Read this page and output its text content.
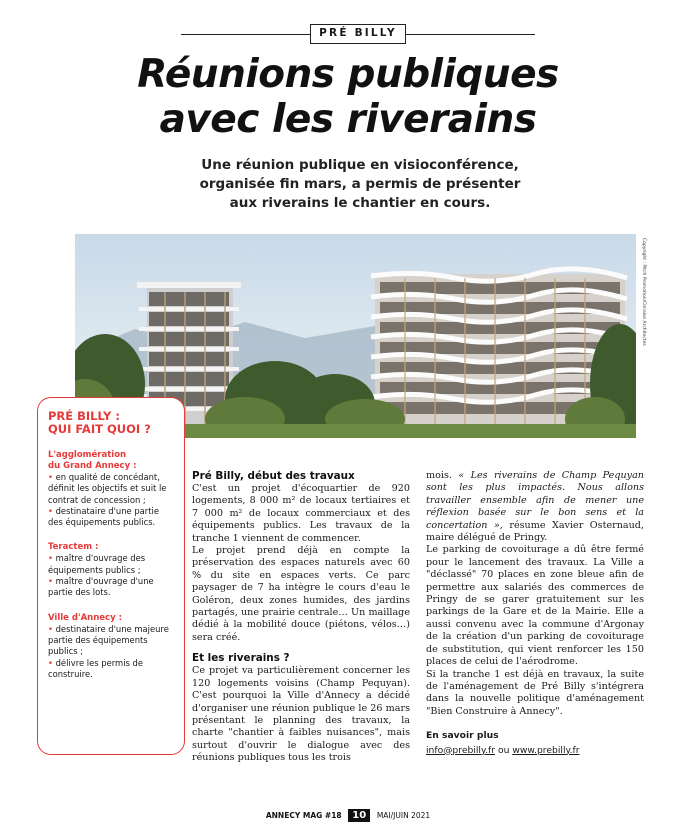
PRÉ BILLY
Réunions publiques
avec les riverains
Une réunion publique en visioconférence,
organisée fin mars, a permis de présenter
aux riverains le chantier en cours.
Copyright : Pitch Promotion/Cimaise Architectes
PRÉ BILLY :
QUI FAIT QUOI ?
L'agglomération
du Grand Annecy :
• en qualité de concédant, définit les objectifs et suit le contrat de concession ;
• destinataire d'une partie des équipements publics.
Teractem :
• maître d'ouvrage des équipements publics ;
• maître d'ouvrage d'une partie des lots.
Ville d'Annecy :
• destinataire d'une majeure partie des équipements publics ;
• délivre les permis de construire.
Pré Billy, début des travaux

C'est un projet d'écoquartier de 920 logements, 8 000 m² de locaux tertiaires et 7 000 m² de locaux commerciaux et des équipements publics. Les travaux de la tranche 1 viennent de commencer.

Le projet prend déjà en compte la préservation des espaces naturels avec 60 % du site en espaces verts. Ce parc paysager de 7 ha intègre le cours d'eau le Goléron, deux zones humides, des jardins partagés, une prairie centrale… Un maillage dédié à la mobilité douce (piétons, vélos…) sera créé.

Et les riverains ?

Ce projet va particulièrement concerner les 120 logements voisins (Champ Pequyan). C'est pourquoi la Ville d'Annecy a décidé d'organiser une réunion publique le 26 mars présentant le planning des travaux, la charte "chantier à faibles nuisances", mais surtout d'ouvrir le dialogue avec des réunions publiques tous les trois

mois. « Les riverains de Champ Pequyan sont les plus impactés. Nous allons travailler ensemble afin de mener une réflexion basée sur le bon sens et la concertation », résume Xavier Osternaud, maire délégué de Pringy.

Le parking de covoiturage a dû être fermé pour le lancement des travaux. La Ville a "déclassé" 70 places en zone bleue afin de permettre aux salariés des commerces de Pringy de se garer gratuitement sur les parkings de la Gare et de la Mairie. Elle a aussi convenu avec la commune d'Argonay de la création d'un parking de covoiturage de substitution, qui vient renforcer les 150 places de celui de l'aérodrome.

Si la tranche 1 est déjà en travaux, la suite de l'aménagement de Pré Billy s'intégrera dans la nouvelle politique d'aménagement "Bien Construire à Annecy".

En savoir plus
info@prebilly.fr ou www.prebilly.fr
ANNECY MAG #18 10 MAI/JUIN 2021
